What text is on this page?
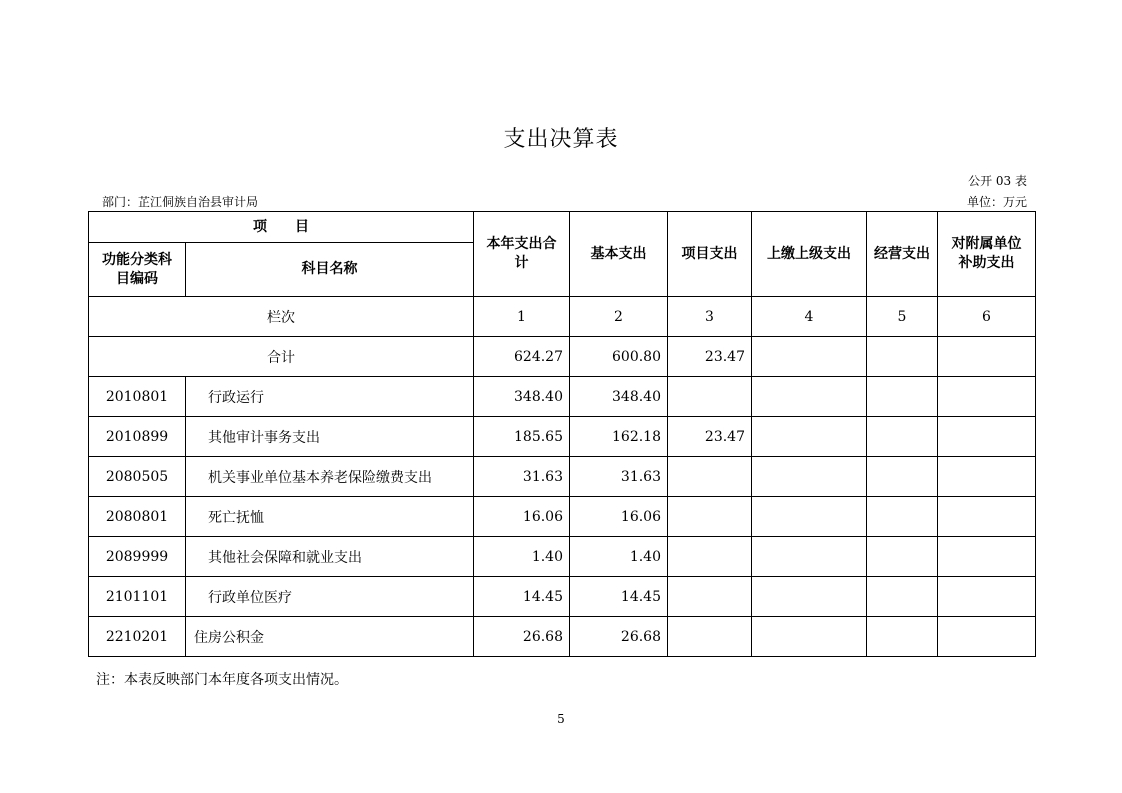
支出决算表
公开 03 表
部门：芷江侗族自治县审计局	单位：万元
项　　目		本年支出合计	基本支出	项目支出	上缴上级支出	经营支出	对附属单位补助支出

功能分类科目编码	科目名称						
栏次		1	2	3	4	5	6
合计		624.27	600.80	23.47			
2010801	行政运行	348.40	348.40				
2010899	其他审计事务支出	185.65	162.18	23.47			
2080505	机关事业单位基本养老保险缴费支出	31.63	31.63				
2080801	死亡抚恤	16.06	16.06				
2089999	其他社会保障和就业支出	1.40	1.40				
2101101	行政单位医疗	14.45	14.45				
2210201	住房公积金	26.68	26.68				
注：本表反映部门本年度各项支出情况。
5
